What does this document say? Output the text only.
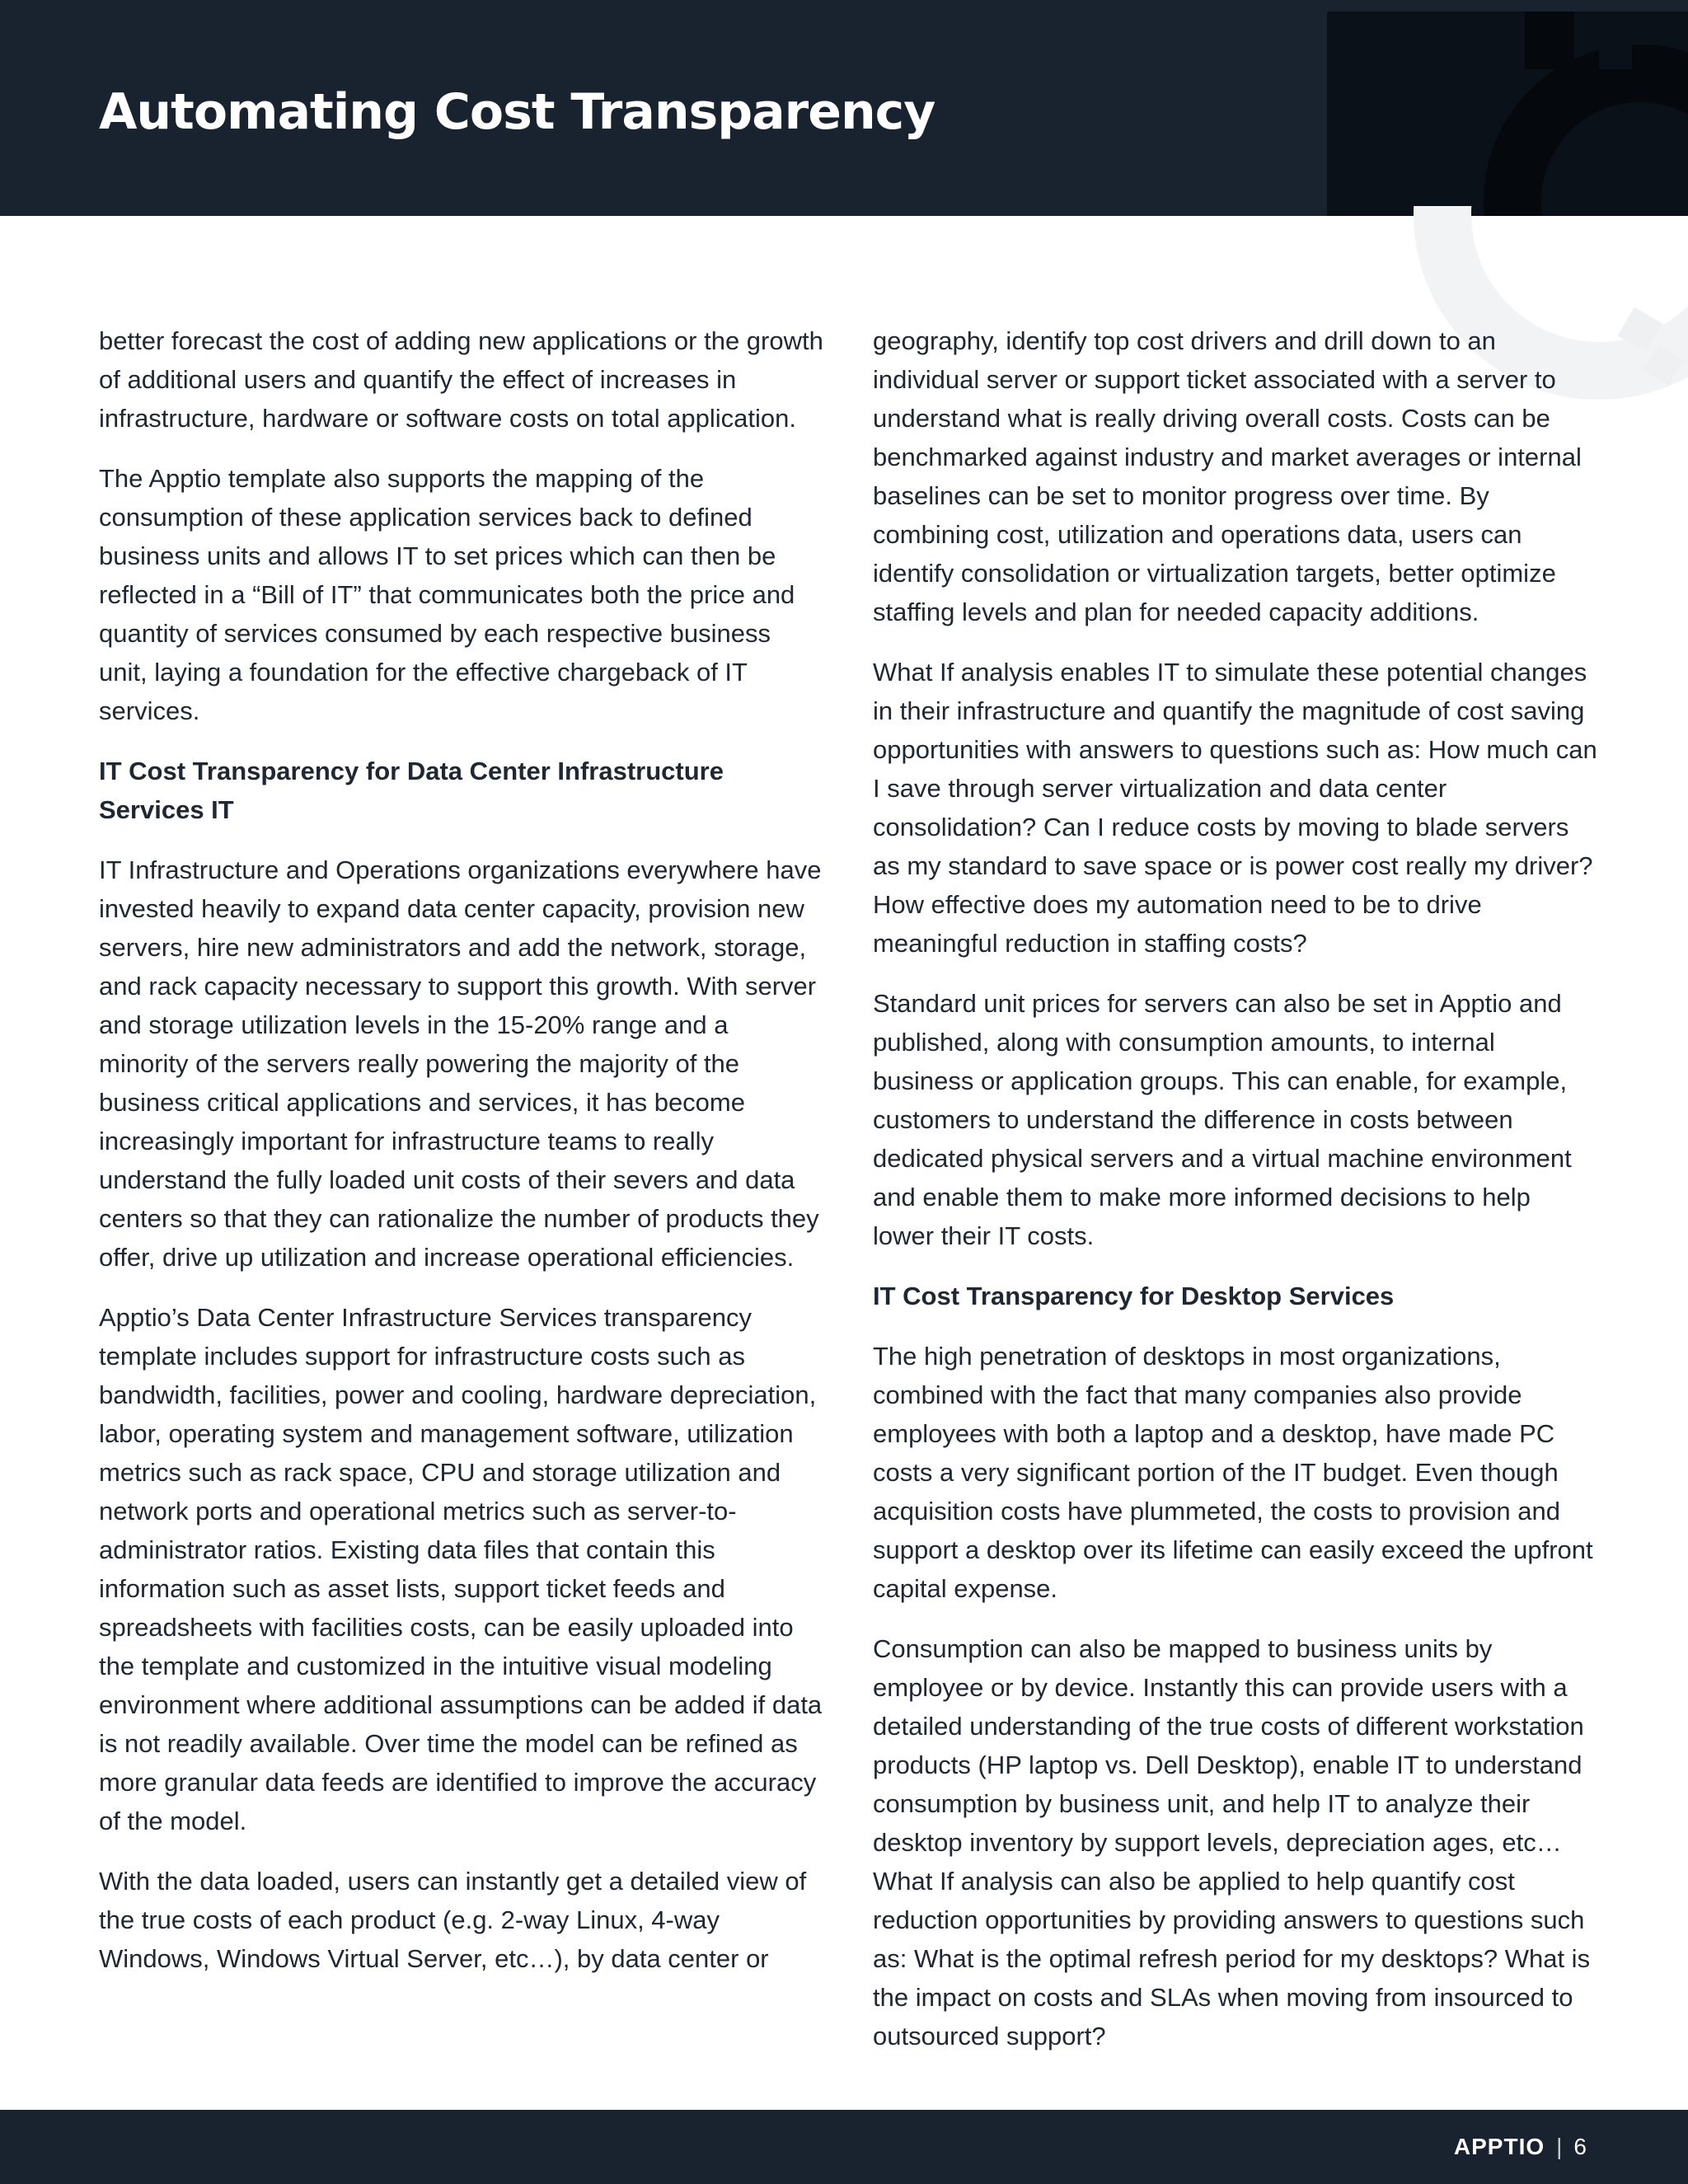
Automating Cost Transparency

better forecast the cost of adding new applications or the growth of additional users and quantify the effect of increases in infrastructure, hardware or software costs on total application.

The Apptio template also supports the mapping of the consumption of these application services back to defined business units and allows IT to set prices which can then be reflected in a “Bill of IT” that communicates both the price and quantity of services consumed by each respective business unit, laying a foundation for the effective chargeback of IT services.

IT Cost Transparency for Data Center Infrastructure Services IT

IT Infrastructure and Operations organizations everywhere have invested heavily to expand data center capacity, provision new servers, hire new administrators and add the network, storage, and rack capacity necessary to support this growth. With server and storage utilization levels in the 15-20% range and a minority of the servers really powering the majority of the business critical applications and services, it has become increasingly important for infrastructure teams to really understand the fully loaded unit costs of their severs and data centers so that they can rationalize the number of products they offer, drive up utilization and increase operational efficiencies.

Apptio’s Data Center Infrastructure Services transparency template includes support for infrastructure costs such as bandwidth, facilities, power and cooling, hardware depreciation, labor, operating system and management software, utilization metrics such as rack space, CPU and storage utilization and network ports and operational metrics such as server-to-administrator ratios. Existing data files that contain this information such as asset lists, support ticket feeds and spreadsheets with facilities costs, can be easily uploaded into the template and customized in the intuitive visual modeling environment where additional assumptions can be added if data is not readily available. Over time the model can be refined as more granular data feeds are identified to improve the accuracy of the model.

With the data loaded, users can instantly get a detailed view of the true costs of each product (e.g. 2-way Linux, 4-way Windows, Windows Virtual Server, etc…), by data center or

geography, identify top cost drivers and drill down to an individual server or support ticket associated with a server to understand what is really driving overall costs. Costs can be benchmarked against industry and market averages or internal baselines can be set to monitor progress over time. By combining cost, utilization and operations data, users can identify consolidation or virtualization targets, better optimize staffing levels and plan for needed capacity additions.

What If analysis enables IT to simulate these potential changes in their infrastructure and quantify the magnitude of cost saving opportunities with answers to questions such as: How much can I save through server virtualization and data center consolidation? Can I reduce costs by moving to blade servers as my standard to save space or is power cost really my driver? How effective does my automation need to be to drive meaningful reduction in staffing costs?

Standard unit prices for servers can also be set in Apptio and published, along with consumption amounts, to internal business or application groups. This can enable, for example, customers to understand the difference in costs between dedicated physical servers and a virtual machine environment and enable them to make more informed decisions to help lower their IT costs.

IT Cost Transparency for Desktop Services

The high penetration of desktops in most organizations, combined with the fact that many companies also provide employees with both a laptop and a desktop, have made PC costs a very significant portion of the IT budget. Even though acquisition costs have plummeted, the costs to provision and support a desktop over its lifetime can easily exceed the upfront capital expense.

Consumption can also be mapped to business units by employee or by device. Instantly this can provide users with a detailed understanding of the true costs of different workstation products (HP laptop vs. Dell Desktop), enable IT to understand consumption by business unit, and help IT to analyze their desktop inventory by support levels, depreciation ages, etc… What If analysis can also be applied to help quantify cost reduction opportunities by providing answers to questions such as: What is the optimal refresh period for my desktops? What is the impact on costs and SLAs when moving from insourced to outsourced support?

APPTIO | 6
